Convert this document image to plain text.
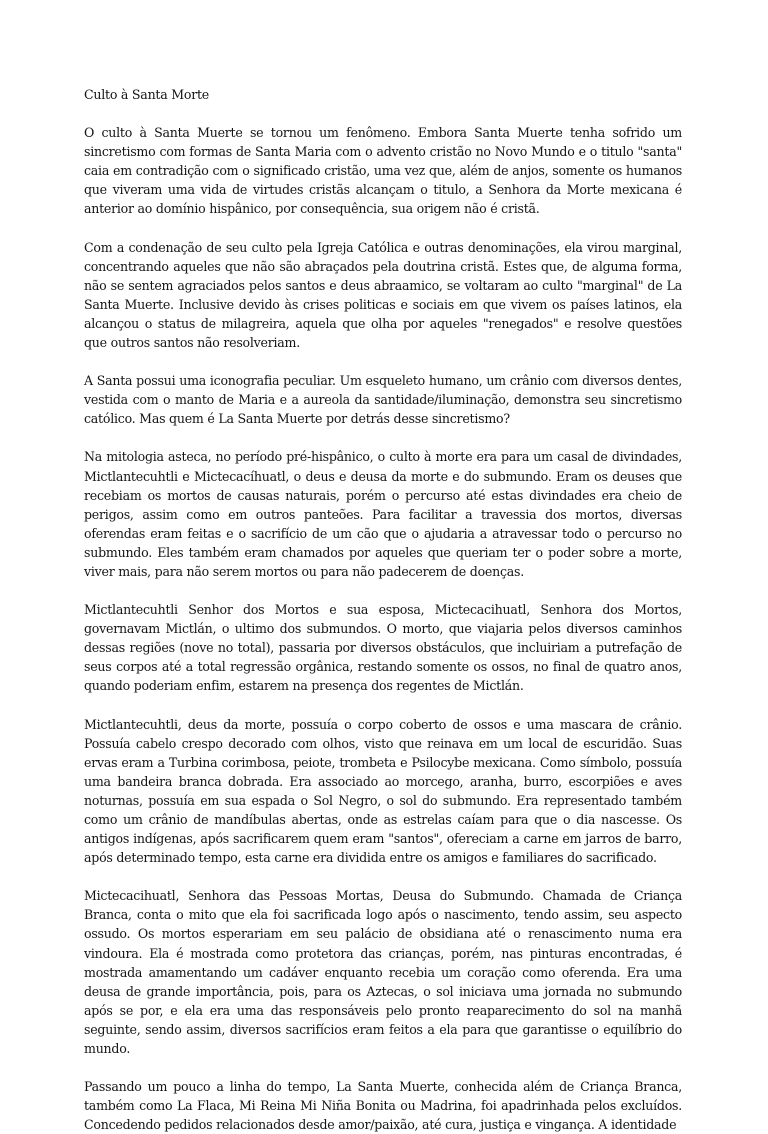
Culto à Santa Morte

O culto à Santa Muerte se tornou um fenômeno. Embora Santa Muerte tenha sofrido um sincretismo com formas de Santa Maria com o advento cristão no Novo Mundo e o titulo "santa" caia em contradição com o significado cristão, uma vez que, além de anjos, somente os humanos que viveram uma vida de virtudes cristãs alcançam o titulo, a Senhora da Morte mexicana é anterior ao domínio hispânico, por consequência, sua origem não é cristã.

Com a condenação de seu culto pela Igreja Católica e outras denominações, ela virou marginal, concentrando aqueles que não são abraçados pela doutrina cristã. Estes que, de alguma forma, não se sentem agraciados pelos santos e deus abraamico, se voltaram ao culto "marginal" de La Santa Muerte. Inclusive devido às crises politicas e sociais em que vivem os países latinos, ela alcançou o status de milagreira, aquela que olha por aqueles "renegados" e resolve questões que outros santos não resolveriam.

A Santa possui uma iconografia peculiar. Um esqueleto humano, um crânio com diversos dentes, vestida com o manto de Maria e a aureola da santidade/iluminação, demonstra seu sincretismo católico. Mas quem é La Santa Muerte por detrás desse sincretismo?

Na mitologia asteca, no período pré-hispânico, o culto à morte era para um casal de divindades, Mictlantecuhtli e Mictecacíhuatl, o deus e deusa da morte e do submundo. Eram os deuses que recebiam os mortos de causas naturais, porém o percurso até estas divindades era cheio de perigos, assim como em outros panteões. Para facilitar a travessia dos mortos, diversas oferendas eram feitas e o sacrifício de um cão que o ajudaria a atravessar todo o percurso no submundo. Eles também eram chamados por aqueles que queriam ter o poder sobre a morte, viver mais, para não serem mortos ou para não padecerem de doenças.

Mictlantecuhtli Senhor dos Mortos e sua esposa, Mictecacihuatl, Senhora dos Mortos, governavam Mictlán, o ultimo dos submundos. O morto, que viajaria pelos diversos caminhos dessas regiões (nove no total), passaria por diversos obstáculos, que incluiriam a putrefação de seus corpos até a total regressão orgânica, restando somente os ossos, no final de quatro anos, quando poderiam enfim, estarem na presença dos regentes de Mictlán.

Mictlantecuhtli, deus da morte, possuía o corpo coberto de ossos e uma mascara de crânio. Possuía cabelo crespo decorado com olhos, visto que reinava em um local de escuridão. Suas ervas eram a Turbina corimbosa, peiote, trombeta e Psilocybe mexicana. Como símbolo, possuía uma bandeira branca dobrada. Era associado ao morcego, aranha, burro, escorpiões e aves noturnas, possuía em sua espada o Sol Negro, o sol do submundo. Era representado também como um crânio de mandíbulas abertas, onde as estrelas caíam para que o dia nascesse. Os antigos indígenas, após sacrificarem quem eram "santos", ofereciam a carne em jarros de barro, após determinado tempo, esta carne era dividida entre os amigos e familiares do sacrificado.

Mictecacihuatl, Senhora das Pessoas Mortas, Deusa do Submundo. Chamada de Criança Branca, conta o mito que ela foi sacrificada logo após o nascimento, tendo assim, seu aspecto ossudo. Os mortos esperariam em seu palácio de obsidiana até o renascimento numa era vindoura. Ela é mostrada como protetora das crianças, porém, nas pinturas encontradas, é mostrada amamentando um cadáver enquanto recebia um coração como oferenda. Era uma deusa de grande importância, pois, para os Aztecas, o sol iniciava uma jornada no submundo após se por, e ela era uma das responsáveis pelo pronto reaparecimento do sol na manhã seguinte, sendo assim, diversos sacrifícios eram feitos a ela para que garantisse o equilíbrio do mundo.

Passando um pouco a linha do tempo, La Santa Muerte, conhecida além de Criança Branca, também como La Flaca, Mi Reina Mi Niña Bonita ou Madrina, foi apadrinhada pelos excluídos. Concedendo pedidos relacionados desde amor/paixão, até cura, justiça e vingança. A identidade
